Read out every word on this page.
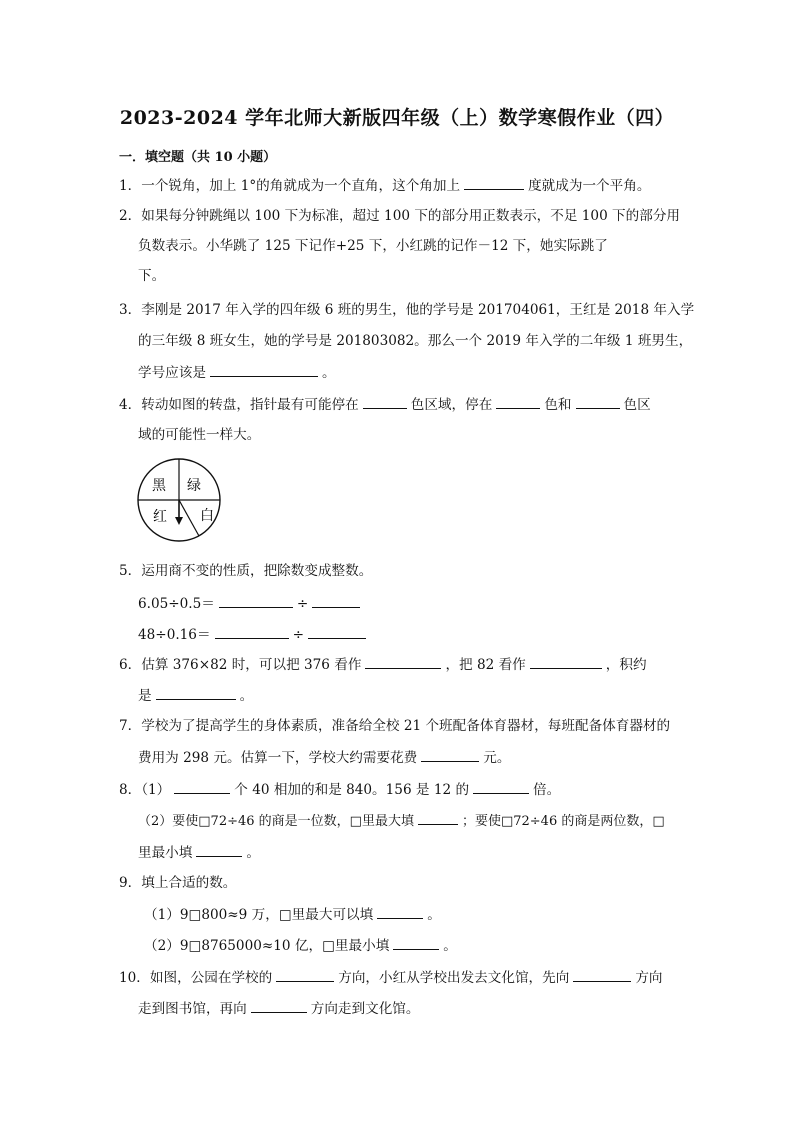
2023-2024 学年北师大新版四年级（上）数学寒假作业（四）
一．填空题（共 10 小题）
1．一个锐角，加上 1°的角就成为一个直角，这个角加上	度就成为一个平角。
2．如果每分钟跳绳以 100 下为标准，超过 100 下的部分用正数表示，不足 100 下的部分用
负数表示。小华跳了 125 下记作+25 下，小红跳的记作－12 下，她实际跳了
下。
3．李刚是 2017 年入学的四年级 6 班的男生，他的学号是 201704061，王红是 2018 年入学
的三年级 8 班女生，她的学号是 201803082。那么一个 2019 年入学的二年级 1 班男生，
学号应该是	。
4．转动如图的转盘，指针最有可能停在	色区域，停在	色和	色区
域的可能性一样大。
黑 绿
红 白
5．运用商不变的性质，把除数变成整数。
6.05÷0.5＝	÷
48÷0.16＝	÷
6．估算 376×82 时，可以把 376 看作	，把 82 看作	，积约
是	。
7．学校为了提高学生的身体素质，准备给全校 21 个班配备体育器材，每班配备体育器材的
费用为 298 元。估算一下，学校大约需要花费	元。
8．（1）	个 40 相加的和是 840。156 是 12 的	倍。
（2）要使□72÷46 的商是一位数，□里最大填	；要使□72÷46 的商是两位数，□
里最小填	。
9．填上合适的数。
（1）9□800≈9 万，□里最大可以填	。
（2）9□8765000≈10 亿，□里最小填	。
10．如图，公园在学校的	方向，小红从学校出发去文化馆，先向	方向
走到图书馆，再向	方向走到文化馆。
